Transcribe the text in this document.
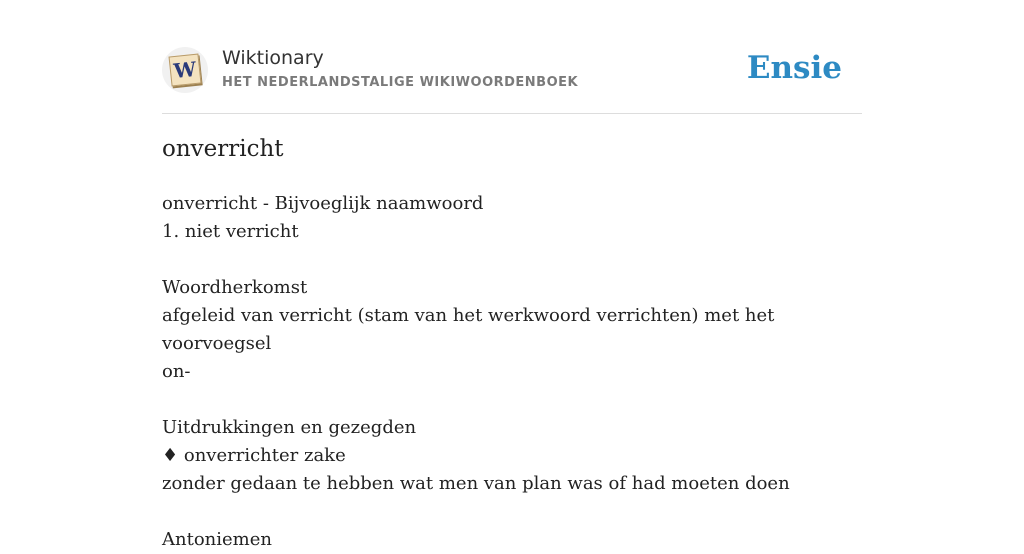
W Wiktionary
HET NEDERLANDSTALIGE WIKIWOORDENBOEK	Ensie
onverricht
onverricht - Bijvoeglijk naamwoord
1. niet verricht
Woordherkomst
afgeleid van verricht (stam van het werkwoord verrichten) met het voorvoegsel
on-
Uitdrukkingen en gezegden
♦ onverrichter zake
zonder gedaan te hebben wat men van plan was of had moeten doen
Antoniemen
